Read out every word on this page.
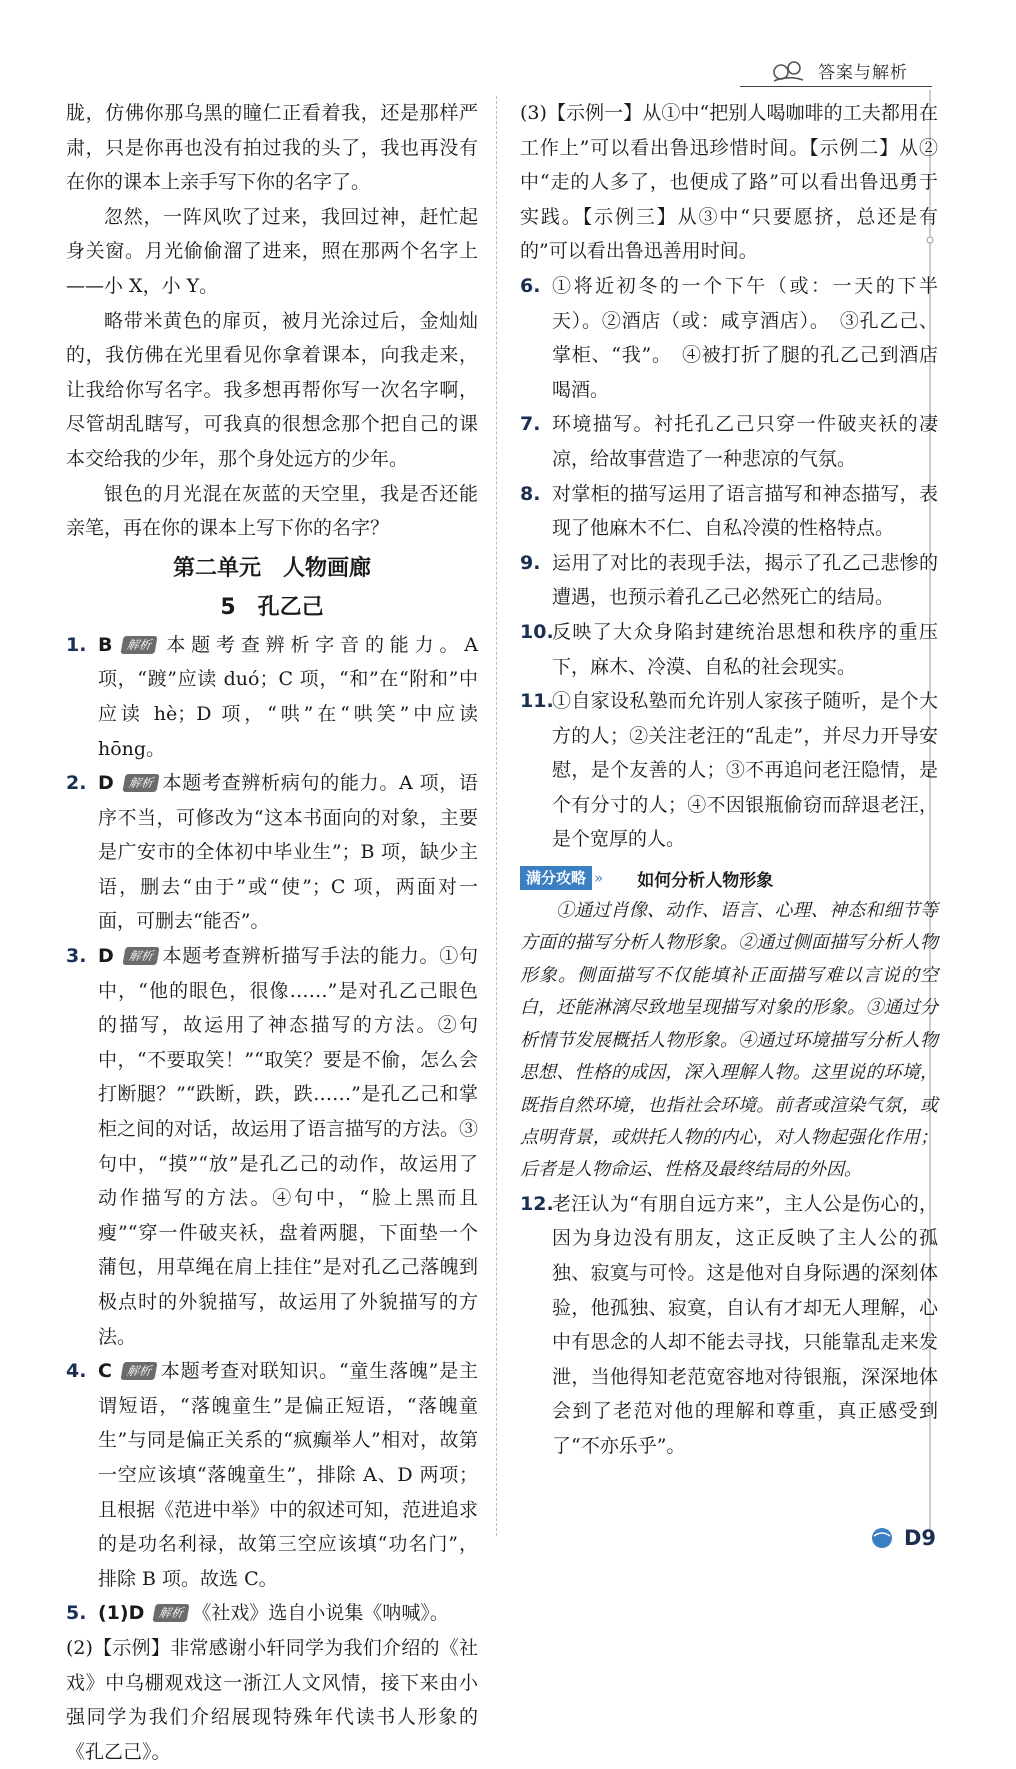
答案与解析

胧，仿佛你那乌黑的瞳仁正看着我，还是那样严肃，只是你再也没有拍过我的头了，我也再没有在你的课本上亲手写下你的名字了。

忽然，一阵风吹了过来，我回过神，赶忙起身关窗。月光偷偷溜了进来，照在那两个名字上——小 X，小 Y。

略带米黄色的扉页，被月光涂过后，金灿灿的，我仿佛在光里看见你拿着课本，向我走来，让我给你写名字。我多想再帮你写一次名字啊，尽管胡乱瞎写，可我真的很想念那个把自己的课本交给我的少年，那个身处远方的少年。

银色的月光混在灰蓝的天空里，我是否还能亲笔，再在你的课本上写下你的名字？

第二单元　人物画廊
5　孔乙己

1. B 解析 本题考查辨析字音的能力。A 项，“踱”应读 duó；C 项，“和”在“附和”中应读 hè；D 项，“哄”在“哄笑”中应读 hōng。

2. D 解析 本题考查辨析病句的能力。A 项，语序不当，可修改为“这本书面向的对象，主要是广安市的全体初中毕业生”；B 项，缺少主语，删去“由于”或“使”；C 项，两面对一面，可删去“能否”。

3. D 解析 本题考查辨析描写手法的能力。①句中，“他的眼色，很像……”是对孔乙己眼色的描写，故运用了神态描写的方法。②句中，“不要取笑！”“取笑？要是不偷，怎么会打断腿？”“跌断，跌，跌……”是孔乙己和掌柜之间的对话，故运用了语言描写的方法。③句中，“摸”“放”是孔乙己的动作，故运用了动作描写的方法。④句中，“脸上黑而且瘦”“穿一件破夹袄，盘着两腿，下面垫一个蒲包，用草绳在肩上挂住”是对孔乙己落魄到极点时的外貌描写，故运用了外貌描写的方法。

4. C 解析 本题考查对联知识。“童生落魄”是主谓短语，“落魄童生”是偏正短语，“落魄童生”与同是偏正关系的“疯癫举人”相对，故第一空应该填“落魄童生”，排除 A、D 两项；且根据《范进中举》中的叙述可知，范进追求的是功名利禄，故第三空应该填“功名门”，排除 B 项。故选 C。

5. (1)D 解析 《社戏》选自小说集《呐喊》。

(2)【示例】非常感谢小轩同学为我们介绍的《社戏》中乌棚观戏这一浙江人文风情，接下来由小强同学为我们介绍展现特殊年代读书人形象的《孔乙己》。

(3)【示例一】从①中“把别人喝咖啡的工夫都用在工作上”可以看出鲁迅珍惜时间。【示例二】从②中“走的人多了，也便成了路”可以看出鲁迅勇于实践。【示例三】从③中“只要愿挤，总还是有的”可以看出鲁迅善用时间。

6. ①将近初冬的一个下午（或：一天的下半天）。②酒店（或：咸亨酒店）。　③孔乙己、掌柜、“我”。　④被打折了腿的孔乙己到酒店喝酒。

7. 环境描写。衬托孔乙己只穿一件破夹袄的凄凉，给故事营造了一种悲凉的气氛。

8. 对掌柜的描写运用了语言描写和神态描写，表现了他麻木不仁、自私冷漠的性格特点。

9. 运用了对比的表现手法，揭示了孔乙己悲惨的遭遇，也预示着孔乙己必然死亡的结局。

10.
反映了大众身陷封建统治思想和秩序的重压下，麻木、冷漠、自私的社会现实。

11.
①自家设私塾而允许别人家孩子随听，是个大方的人；②关注老汪的“乱走”，并尽力开导安慰，是个友善的人；③不再追问老汪隐情，是个有分寸的人；④不因银瓶偷窃而辞退老汪，是个宽厚的人。

满分攻略 » 如何分析人物形象

①通过肖像、动作、语言、心理、神态和细节等方面的描写分析人物形象。②通过侧面描写分析人物形象。侧面描写不仅能填补正面描写难以言说的空白，还能淋漓尽致地呈现描写对象的形象。③通过分析情节发展概括人物形象。④通过环境描写分析人物思想、性格的成因，深入理解人物。这里说的环境，既指自然环境，也指社会环境。前者或渲染气氛，或点明背景，或烘托人物的内心，对人物起强化作用；后者是人物命运、性格及最终结局的外因。

12.
老汪认为“有朋自远方来”，主人公是伤心的，因为身边没有朋友，这正反映了主人公的孤独、寂寞与可怜。这是他对自身际遇的深刻体验，他孤独、寂寞，自认有才却无人理解，心中有思念的人却不能去寻找，只能靠乱走来发泄，当他得知老范宽容地对待银瓶，深深地体会到了老范对他的理解和尊重，真正感受到了“不亦乐乎”。

D9
